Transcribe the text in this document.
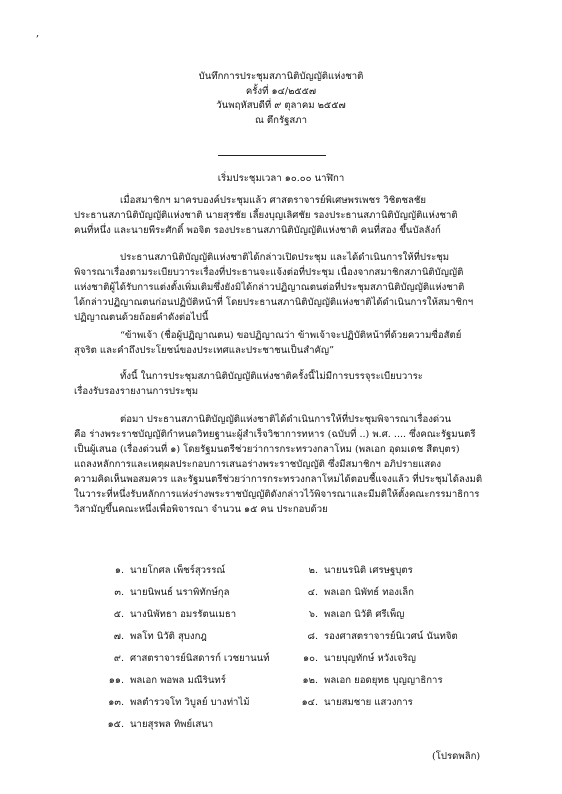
,
บันทึกการประชุมสภานิติบัญญัติแห่งชาติ
ครั้งที่ ๑๔/๒๕๕๗
วันพฤหัสบดีที่ ๙ ตุลาคม ๒๕๕๗
ณ ตึกรัฐสภา
เริ่มประชุมเวลา ๑๐.๐๐ นาฬิกา
เมื่อสมาชิกฯ มาครบองค์ประชุมแล้ว ศาสตราจารย์พิเศษพรเพชร วิชิตชลชัย
ประธานสภานิติบัญญัติแห่งชาติ นายสุรชัย เลี้ยงบุญเลิศชัย รองประธานสภานิติบัญญัติแห่งชาติ
คนที่หนึ่ง และนายพีระศักดิ์ พอจิต รองประธานสภานิติบัญญัติแห่งชาติ คนที่สอง ขึ้นบัลลังก์
ประธานสภานิติบัญญัติแห่งชาติได้กล่าวเปิดประชุม และได้ดำเนินการให้ที่ประชุม
พิจารณาเรื่องตามระเบียบวาระเรื่องที่ประธานจะแจ้งต่อที่ประชุม เนื่องจากสมาชิกสภานิติบัญญัติ
แห่งชาติผู้ได้รับการแต่งตั้งเพิ่มเติมซึ่งยังมิได้กล่าวปฏิญาณตนต่อที่ประชุมสภานิติบัญญัติแห่งชาติ
ได้กล่าวปฏิญาณตนก่อนปฏิบัติหน้าที่ โดยประธานสภานิติบัญญัติแห่งชาติได้ดำเนินการให้สมาชิกฯ
ปฏิญาณตนด้วยถ้อยคำดังต่อไปนี้
“ข้าพเจ้า (ชื่อผู้ปฏิญาณตน) ขอปฏิญาณว่า ข้าพเจ้าจะปฏิบัติหน้าที่ด้วยความซื่อสัตย์
สุจริต และคำถึงประโยชน์ของประเทศและประชาชนเป็นสำคัญ”
ทั้งนี้ ในการประชุมสภานิติบัญญัติแห่งชาติครั้งนี้ไม่มีการบรรจุระเบียบวาระ
เรื่องรับรองรายงานการประชุม
ต่อมา ประธานสภานิติบัญญัติแห่งชาติได้ดำเนินการให้ที่ประชุมพิจารณาเรื่องด่วน
คือ ร่างพระราชบัญญัติกำหนดวิทยฐานะผู้สำเร็จวิชาการทหาร (ฉบับที่ ..) พ.ศ. .... ซึ่งคณะรัฐมนตรี
เป็นผู้เสนอ (เรื่องด่วนที่ ๑) โดยรัฐมนตรีช่วยว่าการกระทรวงกลาโหม (พลเอก อุดมเดช สีตบุตร)
แถลงหลักการและเหตุผลประกอบการเสนอร่างพระราชบัญญัติ ซึ่งมีสมาชิกฯ อภิปรายแสดง
ความคิดเห็นพอสมควร และรัฐมนตรีช่วยว่าการกระทรวงกลาโหมได้ตอบชี้แจงแล้ว ที่ประชุมได้ลงมติ
ในวาระที่หนึ่งรับหลักการแห่งร่างพระราชบัญญัติดังกล่าวไว้พิจารณาและมีมติให้ตั้งคณะกรรมาธิการ
วิสามัญขึ้นคณะหนึ่งเพื่อพิจารณา จำนวน ๑๕ คน ประกอบด้วย
๑. นายโกศล เพ็ชร์สุวรรณ์	๒. นายนรนิติ เศรษฐบุตร
๓. นายนิพนธ์ นราพิทักษ์กุล	๔. พลเอก นิพัทธ์ ทองเล็ก
๕. นางนิพัทธา อมรรัตนเมธา	๖. พลเอก นิวัติ ศรีเพ็ญ
๗. พลโท นิวัติ สุบงกฎ	๘. รองศาสตราจารย์นิเวศน์ นันทจิต
๙. ศาสตราจารย์นิสดารก์ เวชยานนท์	๑๐. นายบุญทักษ์ หวังเจริญ
๑๑. พลเอก พอพล มณีรินทร์	๑๒. พลเอก ยอดยุทธ บุญญาธิการ
๑๓. พลตำรวจโท วิบูลย์ บางท่าไม้	๑๔. นายสมชาย แสวงการ
๑๕. นายสุรพล ทิพย์เสนา
(โปรดพลิก)
